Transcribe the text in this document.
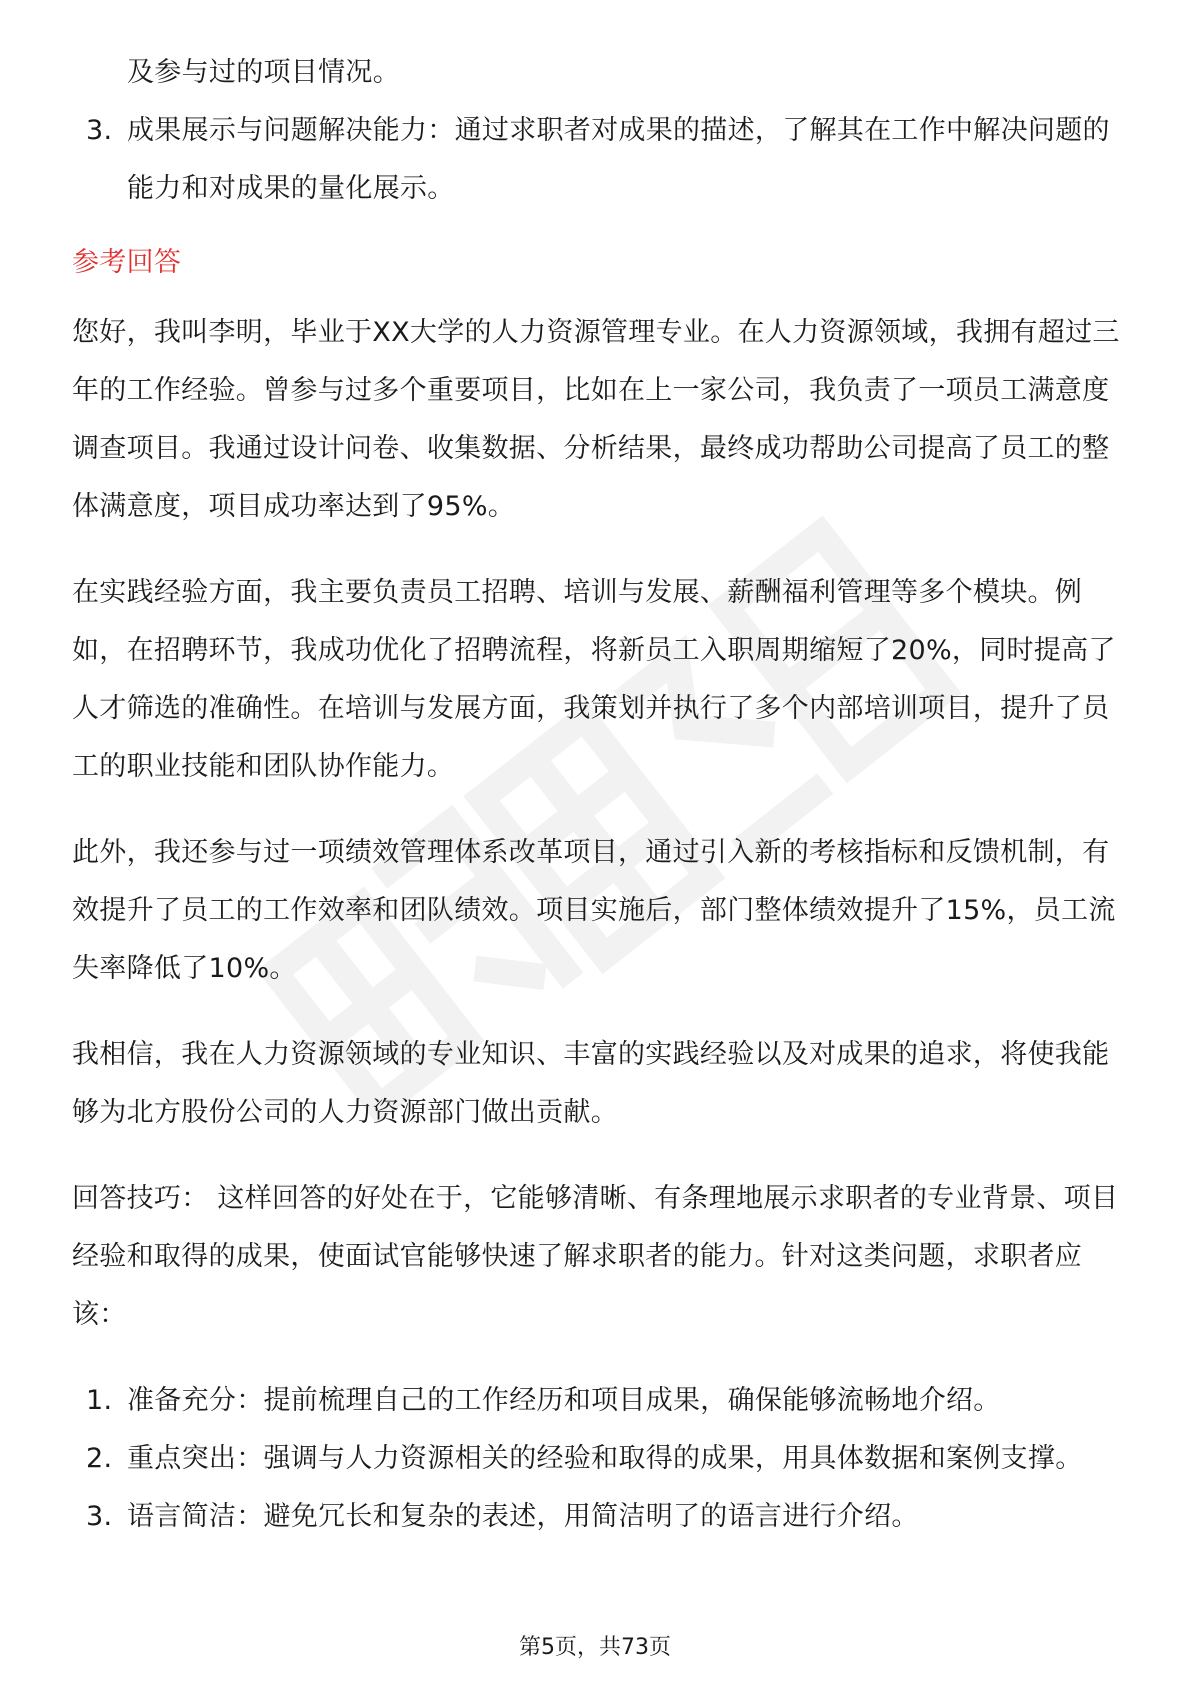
及参与过的项目情况。
3. 成果展示与问题解决能力：通过求职者对成果的描述，了解其在工作中解决问题的能力和对成果的量化展示。
参考回答

您好，我叫李明，毕业于XX大学的人力资源管理专业。在人力资源领域，我拥有超过三年的工作经验。曾参与过多个重要项目，比如在上一家公司，我负责了一项员工满意度调查项目。我通过设计问卷、收集数据、分析结果，最终成功帮助公司提高了员工的整体满意度，项目成功率达到了95%。

在实践经验方面，我主要负责员工招聘、培训与发展、薪酬福利管理等多个模块。例如，在招聘环节，我成功优化了招聘流程，将新员工入职周期缩短了20%，同时提高了人才筛选的准确性。在培训与发展方面，我策划并执行了多个内部培训项目，提升了员工的职业技能和团队协作能力。

此外，我还参与过一项绩效管理体系改革项目，通过引入新的考核指标和反馈机制，有效提升了员工的工作效率和团队绩效。项目实施后，部门整体绩效提升了15%，员工流失率降低了10%。

我相信，我在人力资源领域的专业知识、丰富的实践经验以及对成果的追求，将使我能够为北方股份公司的人力资源部门做出贡献。

回答技巧： 这样回答的好处在于，它能够清晰、有条理地展示求职者的专业背景、项目经验和取得的成果，使面试官能够快速了解求职者的能力。针对这类问题，求职者应该：

1. 准备充分：提前梳理自己的工作经历和项目成果，确保能够流畅地介绍。
2. 重点突出：强调与人力资源相关的经验和取得的成果，用具体数据和案例支撑。
3. 语言简洁：避免冗长和复杂的表述，用简洁明了的语言进行介绍。
第5页，共73页
